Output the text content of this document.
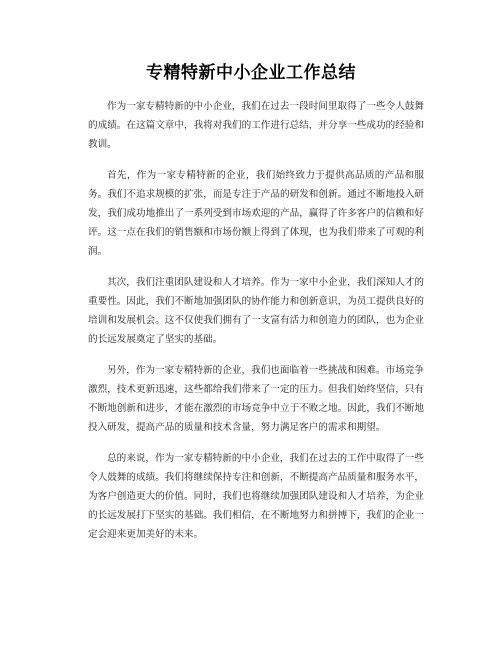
专精特新中小企业工作总结

作为一家专精特新的中小企业，我们在过去一段时间里取得了一些令人鼓舞的成绩。在这篇文章中，我将对我们的工作进行总结，并分享一些成功的经验和教训。

首先，作为一家专精特新的企业，我们始终致力于提供高品质的产品和服务。我们不追求规模的扩张，而是专注于产品的研发和创新。通过不断地投入研发，我们成功地推出了一系列受到市场欢迎的产品，赢得了许多客户的信赖和好评。这一点在我们的销售额和市场份额上得到了体现，也为我们带来了可观的利润。

其次，我们注重团队建设和人才培养。作为一家中小企业，我们深知人才的重要性。因此，我们不断地加强团队的协作能力和创新意识，为员工提供良好的培训和发展机会。这不仅使我们拥有了一支富有活力和创造力的团队，也为企业的长远发展奠定了坚实的基础。

另外，作为一家专精特新的企业，我们也面临着一些挑战和困难。市场竞争激烈，技术更新迅速，这些都给我们带来了一定的压力。但我们始终坚信，只有不断地创新和进步，才能在激烈的市场竞争中立于不败之地。因此，我们不断地投入研发，提高产品的质量和技术含量，努力满足客户的需求和期望。

总的来说，作为一家专精特新的中小企业，我们在过去的工作中取得了一些令人鼓舞的成绩。我们将继续保持专注和创新，不断提高产品质量和服务水平，为客户创造更大的价值。同时，我们也将继续加强团队建设和人才培养，为企业的长远发展打下坚实的基础。我们相信，在不断地努力和拼搏下，我们的企业一定会迎来更加美好的未来。
